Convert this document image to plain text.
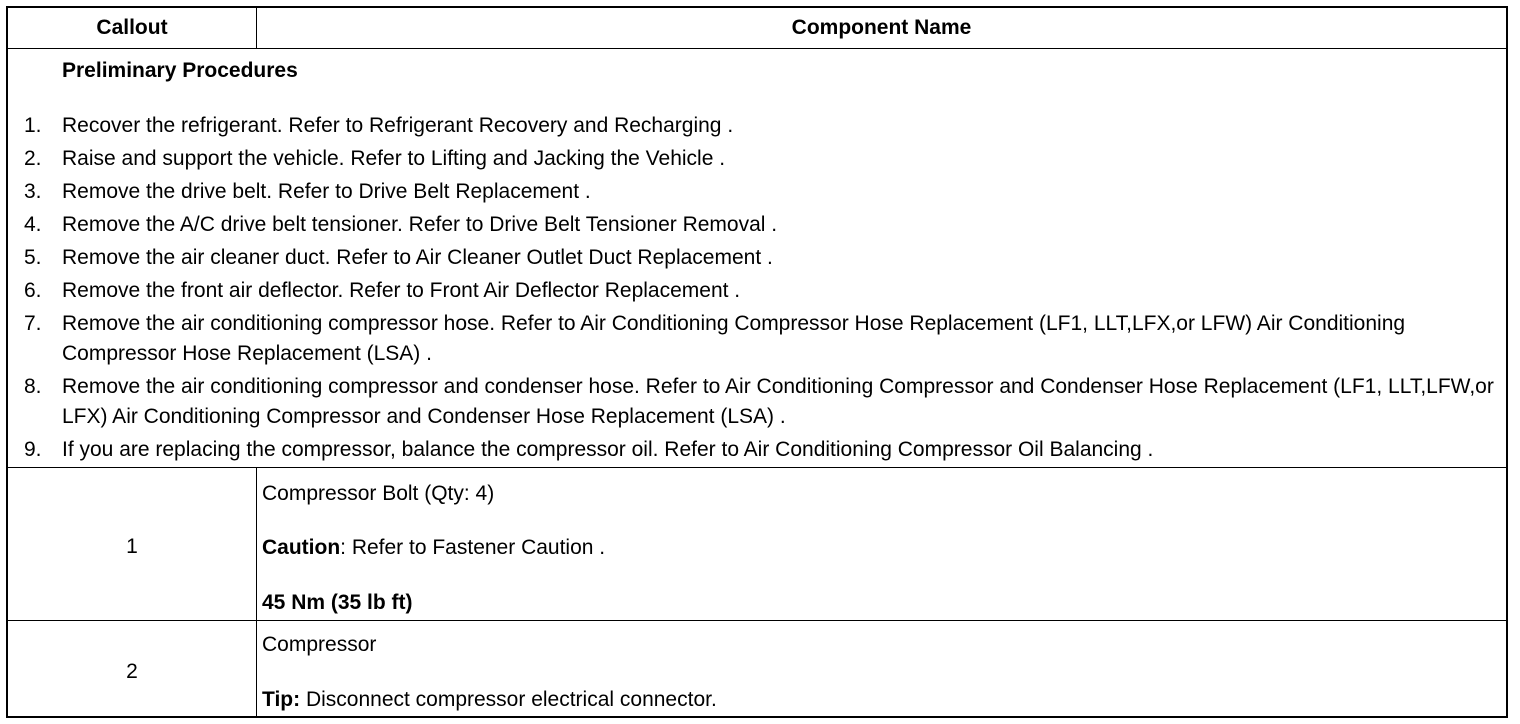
Callout	Component Name
Preliminary Procedures
1. Recover the refrigerant. Refer to Refrigerant Recovery and Recharging .
2. Raise and support the vehicle. Refer to Lifting and Jacking the Vehicle .
3. Remove the drive belt. Refer to Drive Belt Replacement .
4. Remove the A/C drive belt tensioner. Refer to Drive Belt Tensioner Removal .
5. Remove the air cleaner duct. Refer to Air Cleaner Outlet Duct Replacement .
6. Remove the front air deflector. Refer to Front Air Deflector Replacement .
7. Remove the air conditioning compressor hose. Refer to Air Conditioning Compressor Hose Replacement (LF1, LLT,LFX,or LFW) Air Conditioning Compressor Hose Replacement (LSA) .
8. Remove the air conditioning compressor and condenser hose. Refer to Air Conditioning Compressor and Condenser Hose Replacement (LF1, LLT,LFW,or LFX) Air Conditioning Compressor and Condenser Hose Replacement (LSA) .
9. If you are replacing the compressor, balance the compressor oil. Refer to Air Conditioning Compressor Oil Balancing .
1
Compressor Bolt (Qty: 4)
Caution: Refer to Fastener Caution .
45 Nm (35 lb ft)
2
Compressor
Tip: Disconnect compressor electrical connector.
